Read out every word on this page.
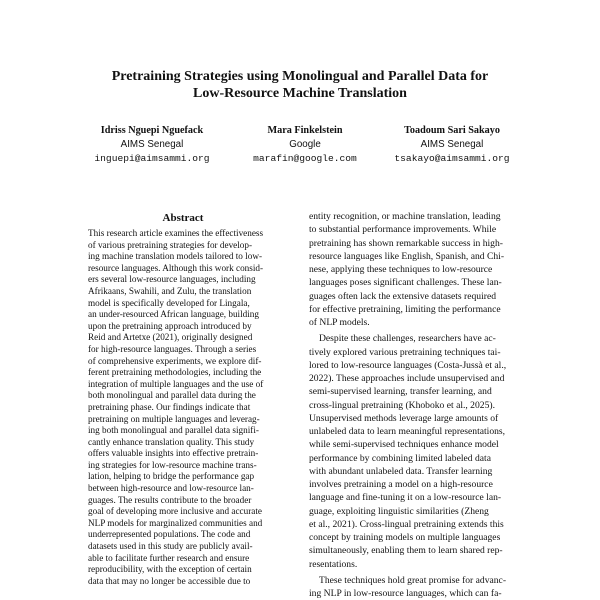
Pretraining Strategies using Monolingual and Parallel Data for
Low-Resource Machine Translation
Idriss Nguepi Nguefack
AIMS Senegal
inguepi@aimsammi.org
Mara Finkelstein
Google
marafin@google.com
Toadoum Sari Sakayo
AIMS Senegal
tsakayo@aimsammi.org
Abstract
This research article examines the effectiveness
of various pretraining strategies for develop-
ing machine translation models tailored to low-
resource languages. Although this work consid-
ers several low-resource languages, including
Afrikaans, Swahili, and Zulu, the translation
model is specifically developed for Lingala,
an under-resourced African language, building
upon the pretraining approach introduced by
Reid and Artetxe (2021), originally designed
for high-resource languages. Through a series
of comprehensive experiments, we explore dif-
ferent pretraining methodologies, including the
integration of multiple languages and the use of
both monolingual and parallel data during the
pretraining phase. Our findings indicate that
pretraining on multiple languages and leverag-
ing both monolingual and parallel data signifi-
cantly enhance translation quality. This study
offers valuable insights into effective pretrain-
ing strategies for low-resource machine trans-
lation, helping to bridge the performance gap
between high-resource and low-resource lan-
guages. The results contribute to the broader
goal of developing more inclusive and accurate
NLP models for marginalized communities and
underrepresented populations. The code and
datasets used in this study are publicly avail-
able to facilitate further research and ensure
reproducibility, with the exception of certain
data that may no longer be accessible due to
entity recognition, or machine translation, leading
to substantial performance improvements. While
pretraining has shown remarkable success in high-
resource languages like English, Spanish, and Chi-
nese, applying these techniques to low-resource
languages poses significant challenges. These lan-
guages often lack the extensive datasets required
for effective pretraining, limiting the performance
of NLP models.
Despite these challenges, researchers have ac-
tively explored various pretraining techniques tai-
lored to low-resource languages (Costa-Jussà et al.,
2022). These approaches include unsupervised and
semi-supervised learning, transfer learning, and
cross-lingual pretraining (Khoboko et al., 2025).
Unsupervised methods leverage large amounts of
unlabeled data to learn meaningful representations,
while semi-supervised techniques enhance model
performance by combining limited labeled data
with abundant unlabeled data. Transfer learning
involves pretraining a model on a high-resource
language and fine-tuning it on a low-resource lan-
guage, exploiting linguistic similarities (Zheng
et al., 2021). Cross-lingual pretraining extends this
concept by training models on multiple languages
simultaneously, enabling them to learn shared rep-
resentations.
These techniques hold great promise for advanc-
ing NLP in low-resource languages, which can fa-
